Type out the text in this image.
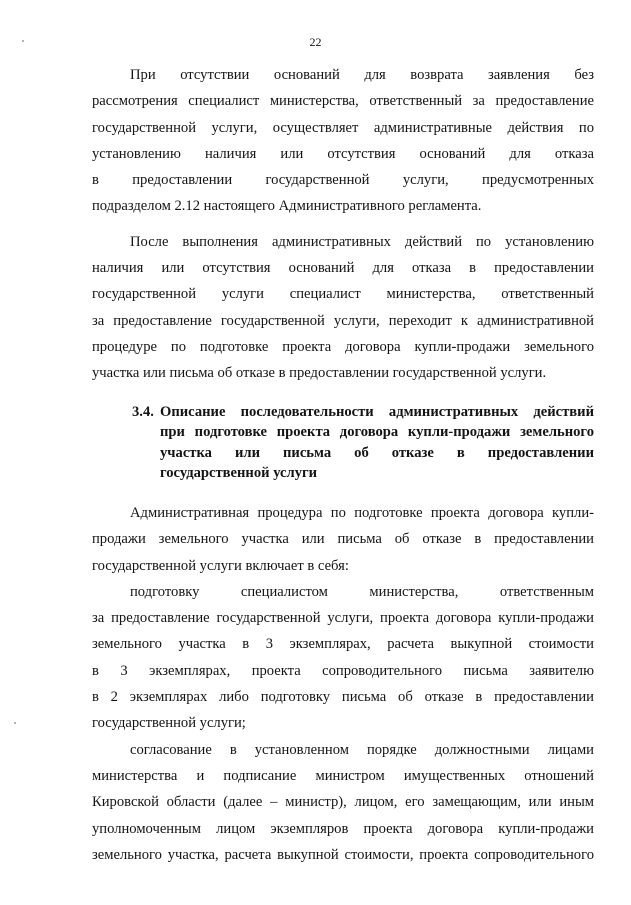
22
При отсутствии оснований для возврата заявления без
рассмотрения специалист министерства, ответственный за предоставление
государственной услуги, осуществляет административные действия по
установлению наличия или отсутствия оснований для отказа
в предоставлении государственной услуги, предусмотренных
подразделом 2.12 настоящего Административного регламента.
После выполнения административных действий по установлению
наличия или отсутствия оснований для отказа в предоставлении
государственной услуги специалист министерства, ответственный
за предоставление государственной услуги, переходит к административной
процедуре по подготовке проекта договора купли-продажи земельного
участка или письма об отказе в предоставлении государственной услуги.
3.4. Описание последовательности административных действий
при подготовке проекта договора купли-продажи земельного
участка или письма об отказе в предоставлении
государственной услуги
Административная процедура по подготовке проекта договора купли-
продажи земельного участка или письма об отказе в предоставлении
государственной услуги включает в себя:
подготовку специалистом министерства, ответственным
за предоставление государственной услуги, проекта договора купли-продажи
земельного участка в 3 экземплярах, расчета выкупной стоимости
в 3 экземплярах, проекта сопроводительного письма заявителю
в 2 экземплярах либо подготовку письма об отказе в предоставлении
государственной услуги;
согласование в установленном порядке должностными лицами
министерства и подписание министром имущественных отношений
Кировской области (далее – министр), лицом, его замещающим, или иным
уполномоченным лицом экземпляров проекта договора купли-продажи
земельного участка, расчета выкупной стоимости, проекта сопроводительного
